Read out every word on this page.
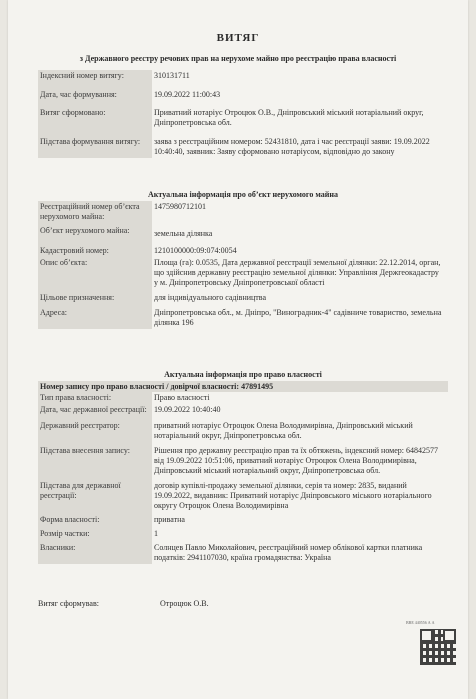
ВИТЯГ
з Державного реєстру речових прав на нерухоме майно про реєстрацію права власності
Індексний номер витягу:	310131711
Дата, час формування:	19.09.2022 11:00:43
Витяг сформовано:	Приватний нотаріус Отроцюк О.В., Дніпровський міський нотаріальний округ, Дніпропетровська обл.
Підстава формування витягу:	заява з реєстраційним номером: 52431810, дата і час реєстрації заяви: 19.09.2022 10:40:40, заявник: Заяву сформовано нотаріусом, відповідно до закону
Актуальна інформація про об’єкт нерухомого майна
Реєстраційний номер об’єкта нерухомого майна:	1475980712101
Об’єкт нерухомого майна:	земельна ділянка
Кадастровий номер:	1210100000:09:074:0054
Опис об’єкта:	Площа (га): 0.0535, Дата державної реєстрації земельної ділянки: 22.12.2014, орган, що здійснив державну реєстрацію земельної ділянки: Управління Держгеокадастру у м. Дніпропетровську Дніпропетровської області
Цільове призначення:	для індивідуального садівництва
Адреса:	Дніпропетровська обл., м. Дніпро, "Виноградник-4" садівниче товариство, земельна ділянка 196
Актуальна інформація про право власності
Номер запису про право власності / довірчої власності: 47891495
Тип права власності:	Право власності
Дата, час державної реєстрації:	19.09.2022 10:40:40
Державний реєстратор:	приватний нотаріус Отроцюк Олена Володимирівна, Дніпровський міський нотаріальний округ, Дніпропетровська обл.
Підстава внесення запису:	Рішення про державну реєстрацію прав та їх обтяжень, індексний номер: 64842577 від 19.09.2022 10:51:06, приватний нотаріус Отроцюк Олена Володимирівна, Дніпровський міський нотаріальний округ, Дніпропетровська обл.
Підстава для державної реєстрації:	договір купівлі-продажу земельної ділянки, серія та номер: 2835, виданий 19.09.2022, видавник: Приватний нотаріус Дніпровського міського нотаріального округу Отроцюк Олена Володимирівна
Форма власності:	приватна
Розмір частки:	1
Власники:	Солнцев Павло Миколайович, реєстраційний номер облікової картки платника податків: 2941107030, країна громадянства: Україна
Витяг сформував:	Отроцюк О.В.
ВВЕ 440556 А А
